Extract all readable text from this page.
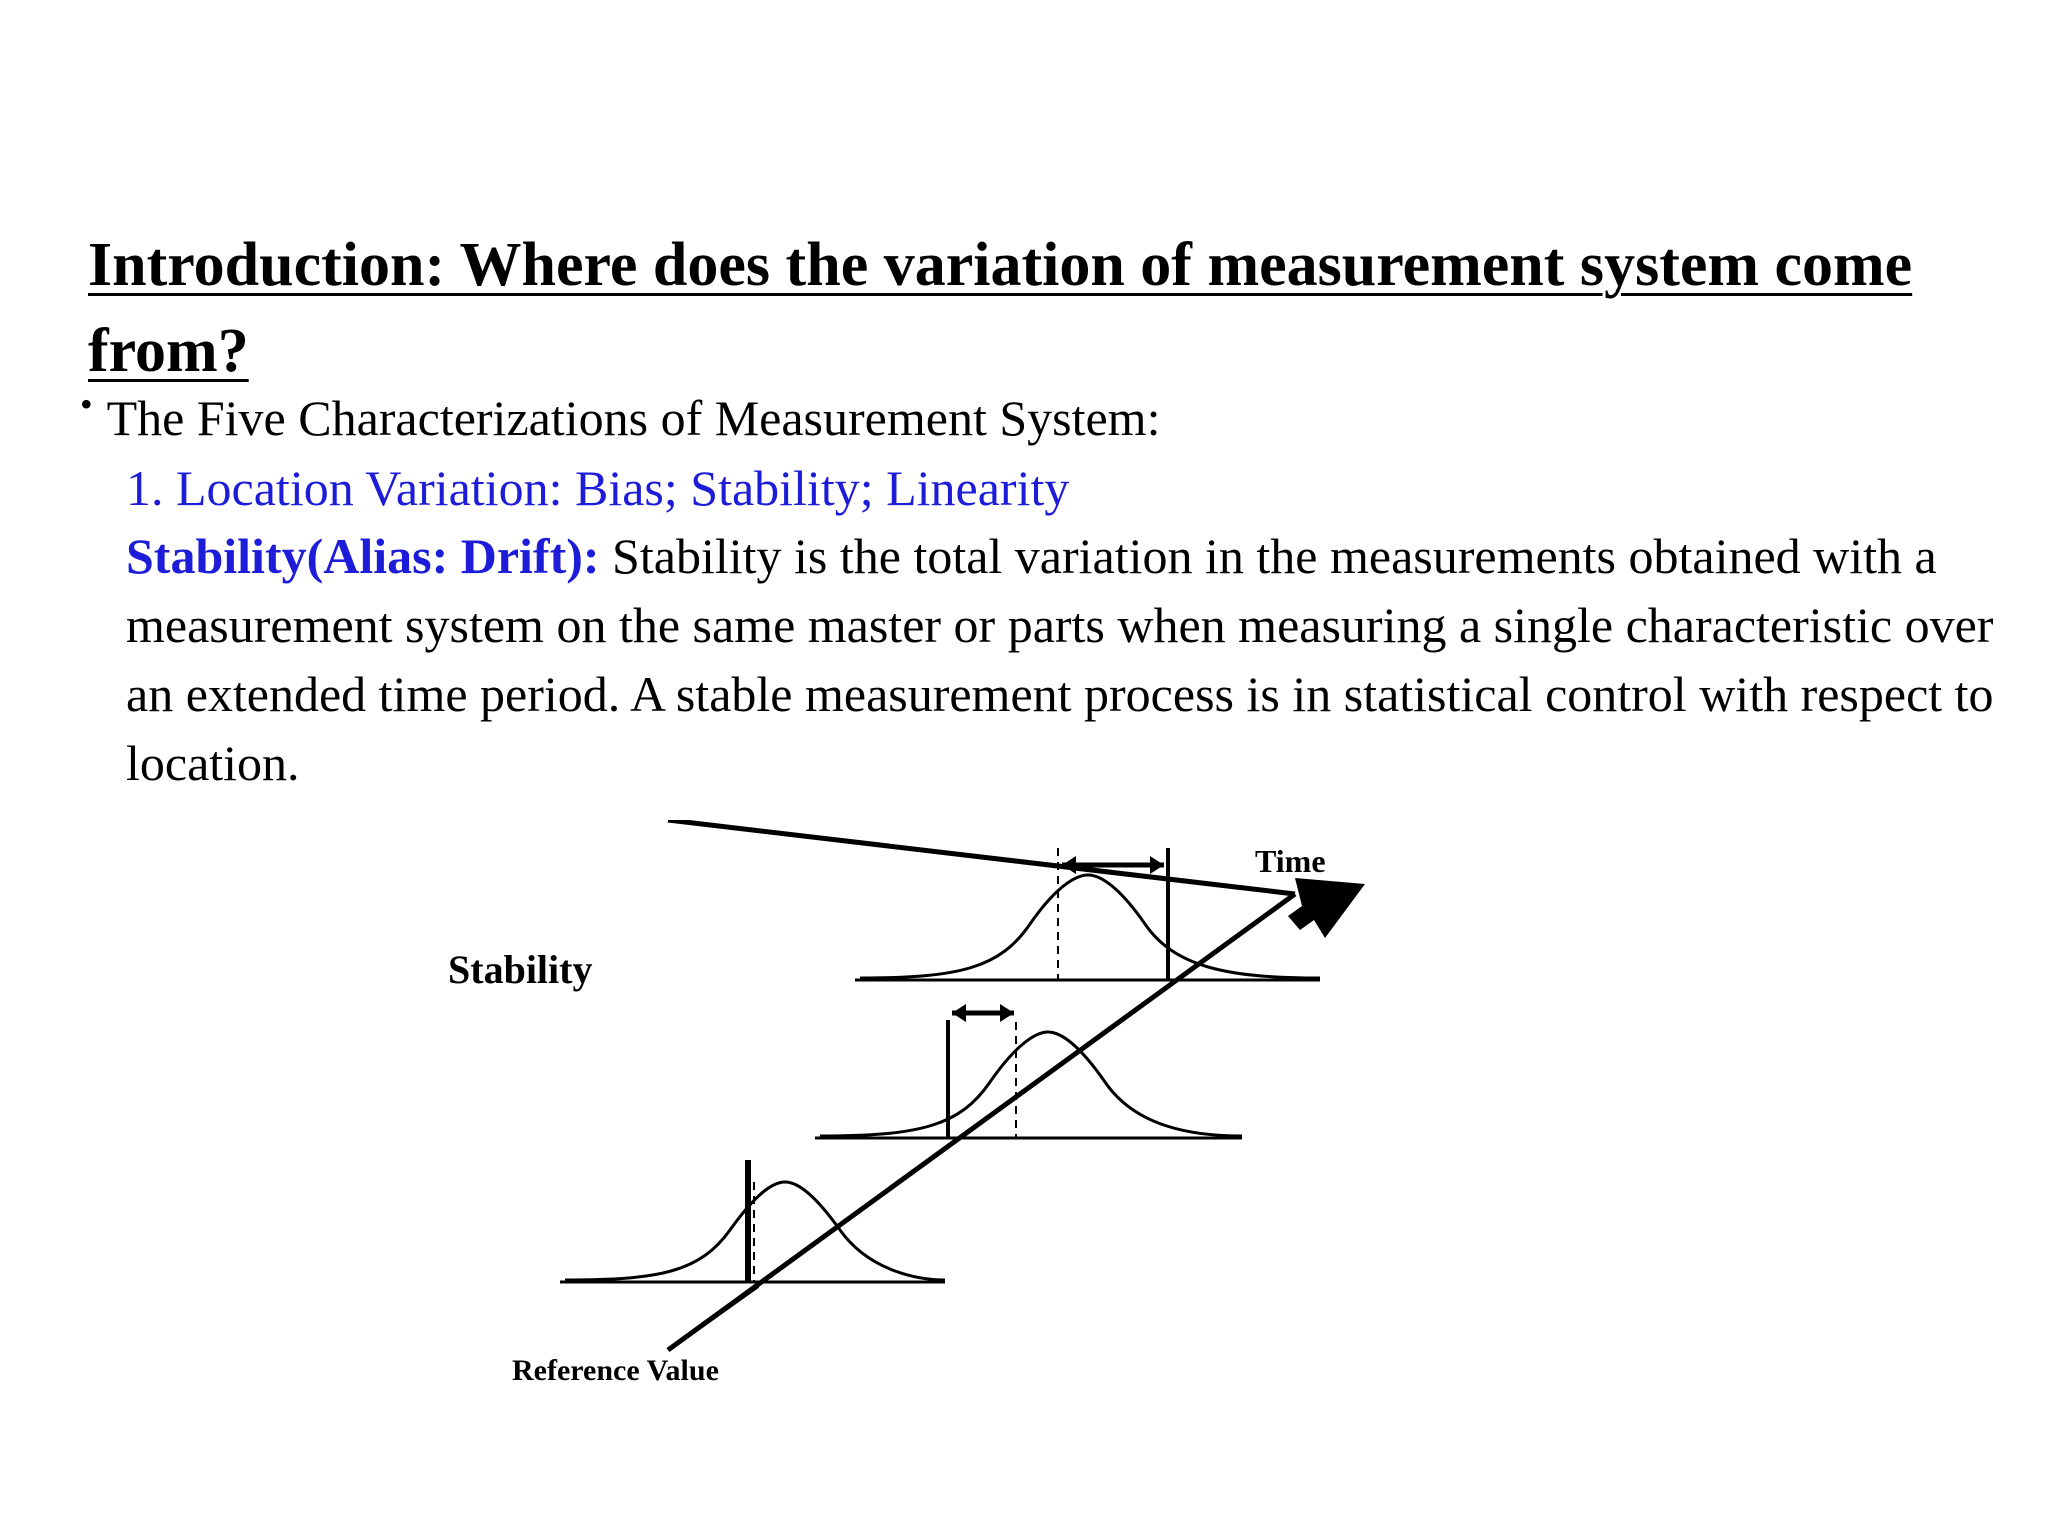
Introduction: Where does the variation of measurement system come from?
• The Five Characterizations of Measurement System:
1. Location Variation: Bias; Stability; Linearity

Stability(Alias: Drift): Stability is the total variation in the measurements obtained with a measurement system on the same master or parts when measuring a single characteristic over an extended time period. A stable measurement process is in statistical control with respect to location.

Stability
Time
Reference Value
